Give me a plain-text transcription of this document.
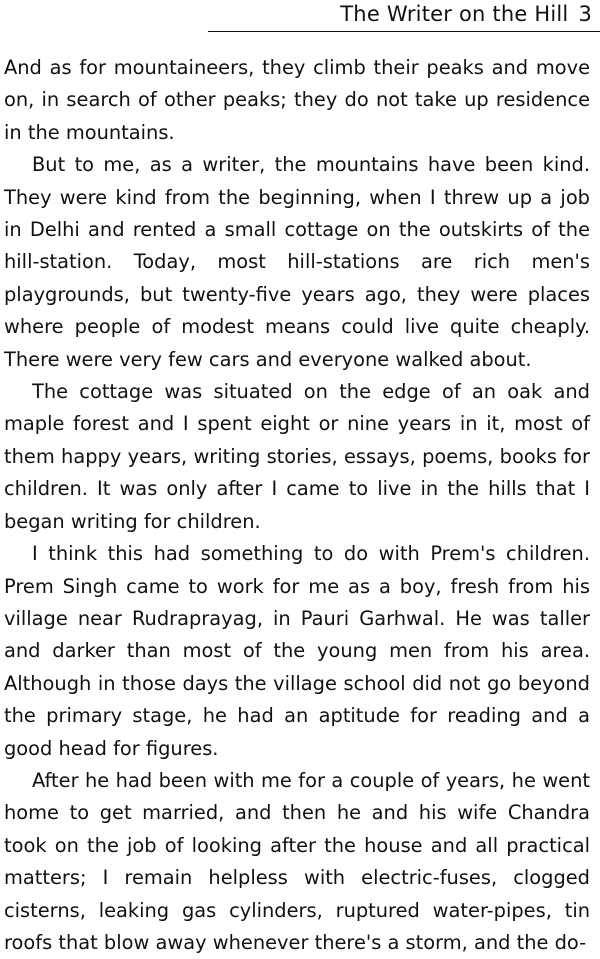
The Writer on the Hill 3

And as for mountaineers, they climb their peaks and move on, in search of other peaks; they do not take up residence in the mountains.

But to me, as a writer, the mountains have been kind. They were kind from the beginning, when I threw up a job in Delhi and rented a small cottage on the outskirts of the hill-station. Today, most hill-stations are rich men's playgrounds, but twenty-five years ago, they were places where people of modest means could live quite cheaply. There were very few cars and everyone walked about.

The cottage was situated on the edge of an oak and maple forest and I spent eight or nine years in it, most of them happy years, writing stories, essays, poems, books for children. It was only after I came to live in the hills that I began writing for children.

I think this had something to do with Prem's children. Prem Singh came to work for me as a boy, fresh from his village near Rudraprayag, in Pauri Garhwal. He was taller and darker than most of the young men from his area. Although in those days the village school did not go beyond the primary stage, he had an aptitude for reading and a good head for figures.

After he had been with me for a couple of years, he went home to get married, and then he and his wife Chandra took on the job of looking after the house and all practical matters; I remain helpless with electric-fuses, clogged cisterns, leaking gas cylinders, ruptured water-pipes, tin roofs that blow away whenever there's a storm, and the do-
